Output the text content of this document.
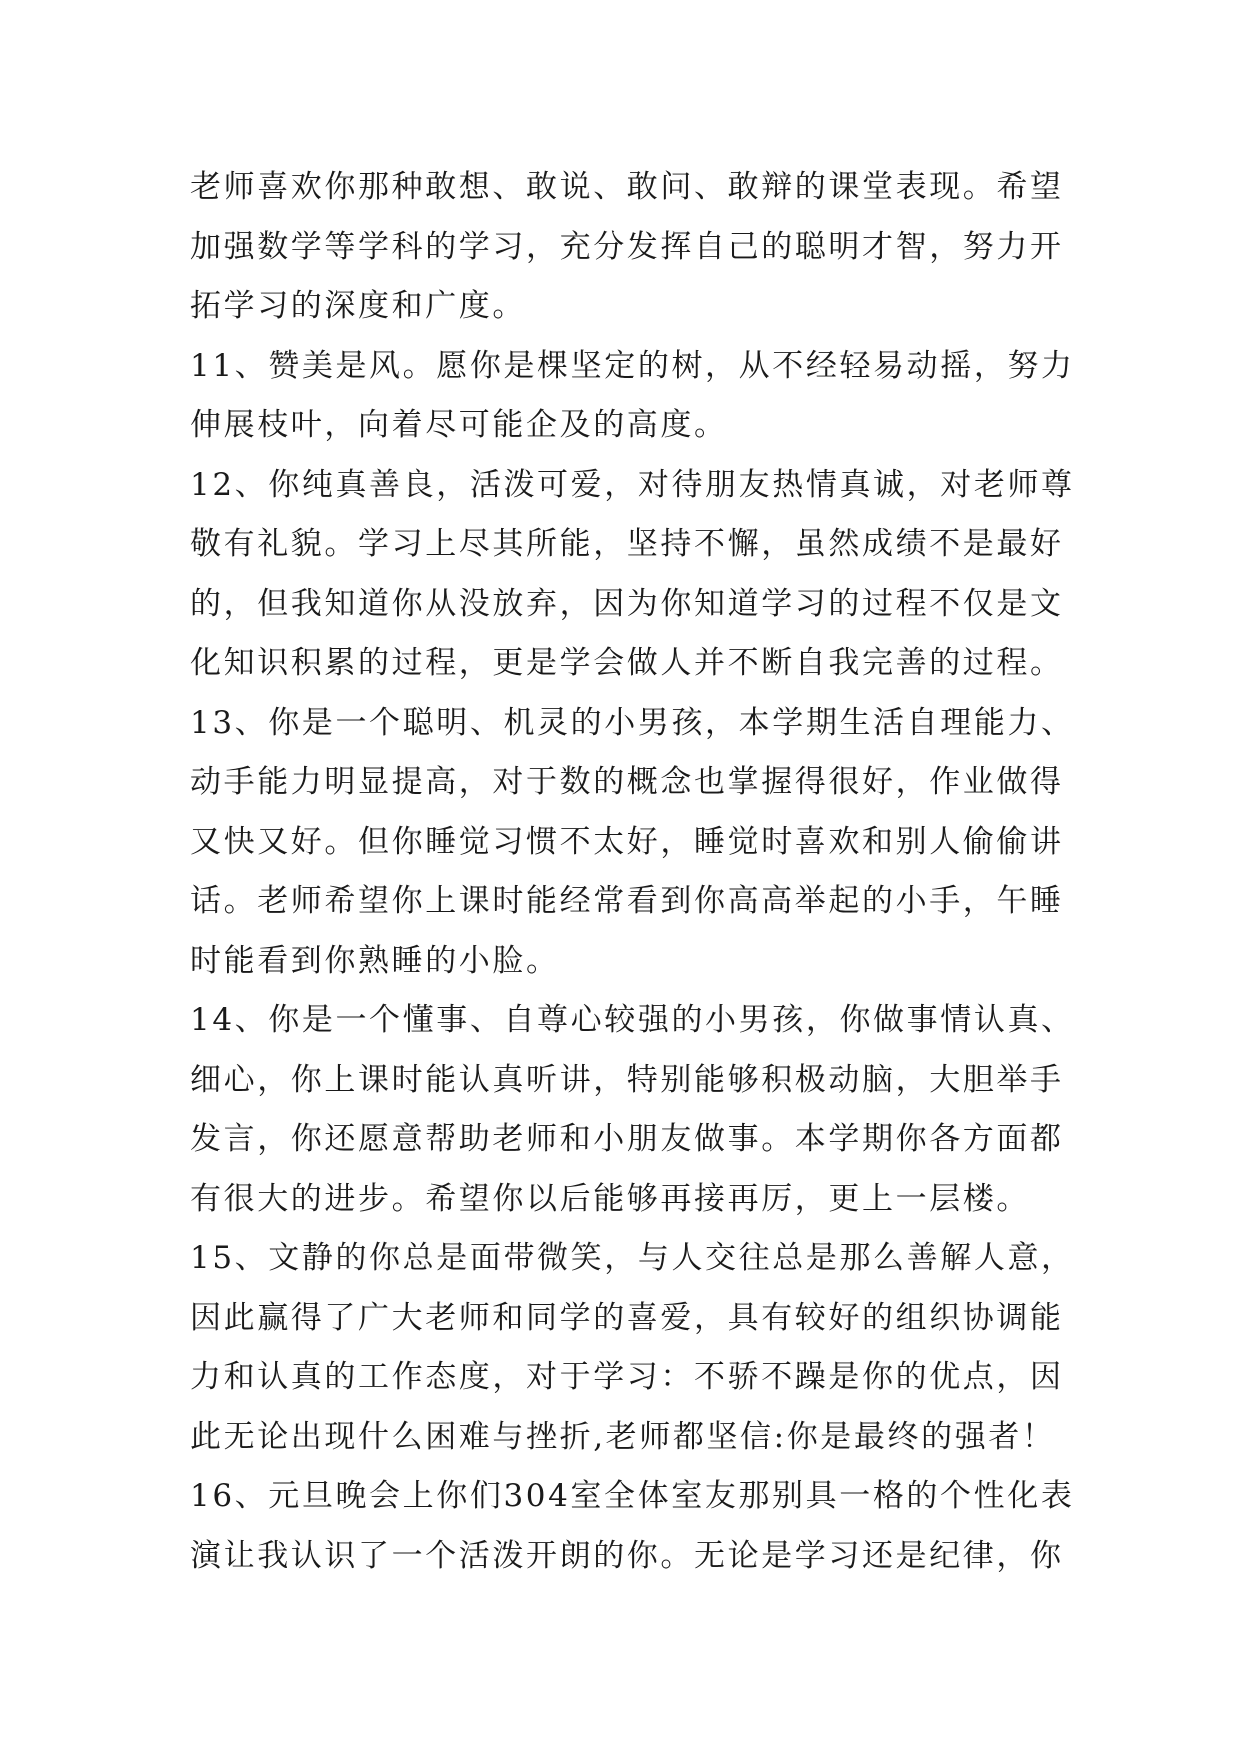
老师喜欢你那种敢想、敢说、敢问、敢辩的课堂表现。希望
加强数学等学科的学习，充分发挥自己的聪明才智，努力开
拓学习的深度和广度。
11、赞美是风。愿你是棵坚定的树，从不经轻易动摇，努力
伸展枝叶，向着尽可能企及的高度。
12、你纯真善良，活泼可爱，对待朋友热情真诚，对老师尊
敬有礼貌。学习上尽其所能，坚持不懈，虽然成绩不是最好
的，但我知道你从没放弃，因为你知道学习的过程不仅是文
化知识积累的过程，更是学会做人并不断自我完善的过程。
13、你是一个聪明、机灵的小男孩，本学期生活自理能力、
动手能力明显提高，对于数的概念也掌握得很好，作业做得
又快又好。但你睡觉习惯不太好，睡觉时喜欢和别人偷偷讲
话。老师希望你上课时能经常看到你高高举起的小手，午睡
时能看到你熟睡的小脸。
14、你是一个懂事、自尊心较强的小男孩，你做事情认真、
细心，你上课时能认真听讲，特别能够积极动脑，大胆举手
发言，你还愿意帮助老师和小朋友做事。本学期你各方面都
有很大的进步。希望你以后能够再接再厉，更上一层楼。
15、文静的你总是面带微笑，与人交往总是那么善解人意，
因此赢得了广大老师和同学的喜爱，具有较好的组织协调能
力和认真的工作态度，对于学习：不骄不躁是你的优点，因
此无论出现什么困难与挫折,老师都坚信:你是最终的强者！
16、元旦晚会上你们304室全体室友那别具一格的个性化表
演让我认识了一个活泼开朗的你。无论是学习还是纪律，你
